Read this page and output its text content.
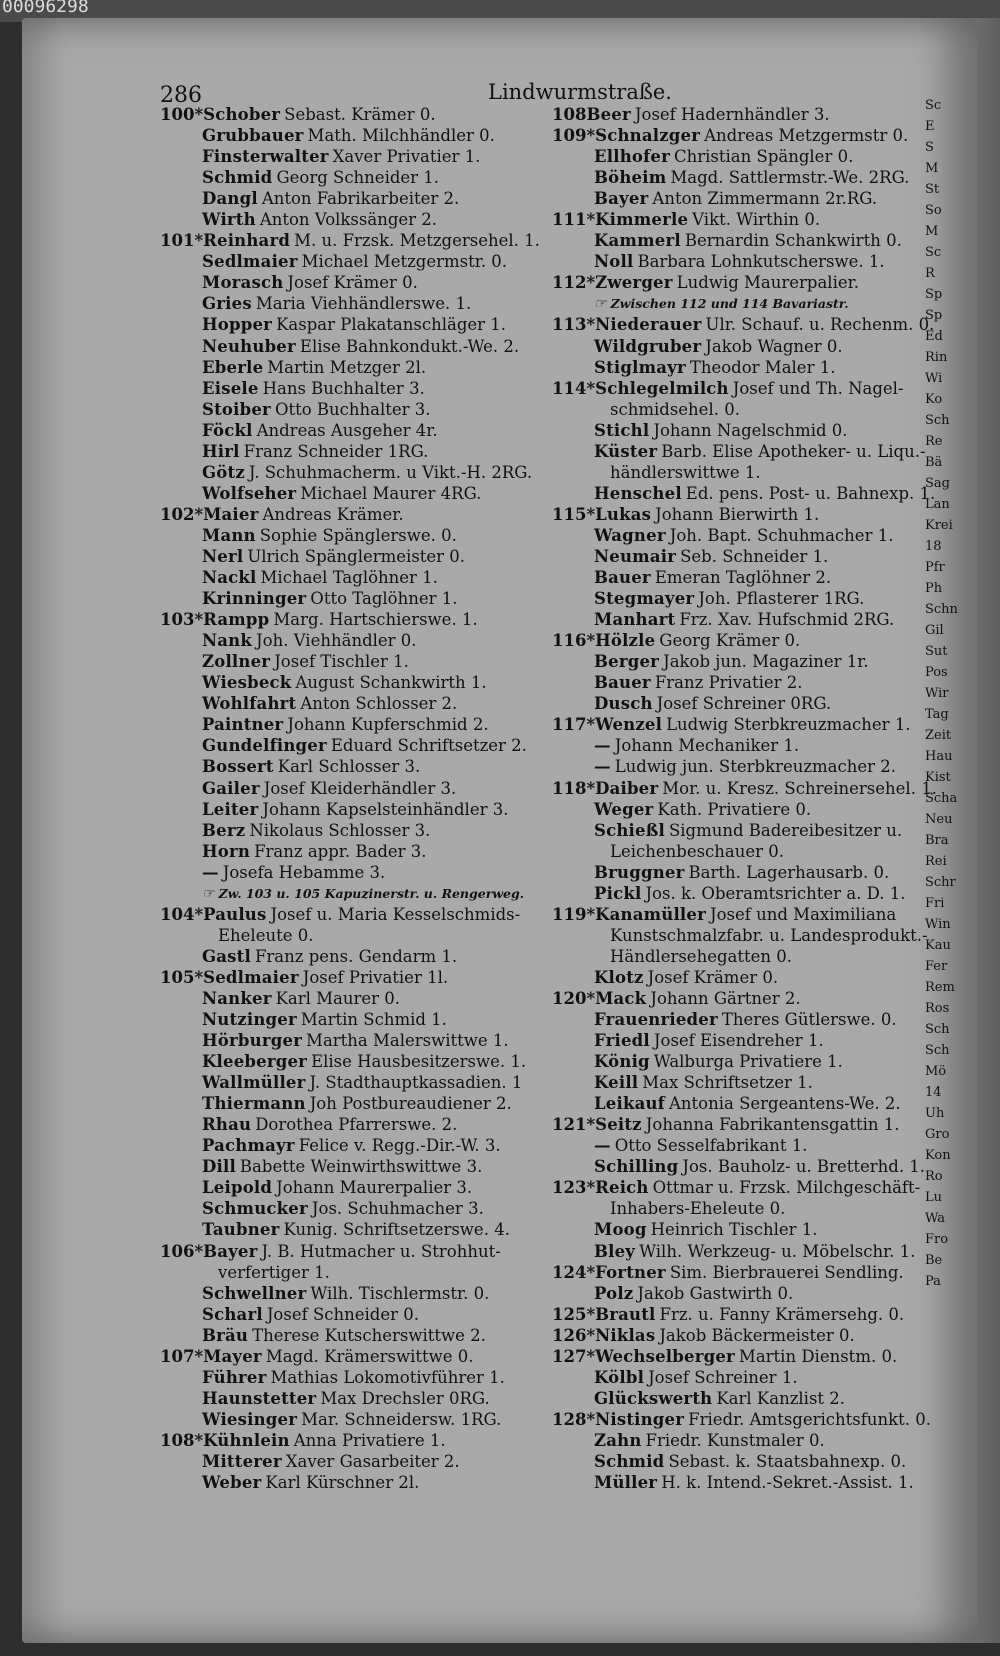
00096298
Sc
E
S
M
St
So
M
Sc
R
Sp
Sp
Ed
Rin
Wi
Ko
Sch
Re
Bä
Sag
Lan
Krei
18
Pfr
Ph
Schn
Gil
Sut
Pos
Wir
Tag
Zeit
Hau
Kist
Scha
Neu
Bra
Rei
Schr
Fri
Win
Kau
Fer
Rem
Ros
Sch
Sch
Mö
14
Uh
Gro
Kon
Ro
Lu
Wa
Fro
Be
Pa
286	Lindwurmstraße.
100*Schober Sebast. Krämer 0.
Grubbauer Math. Milchhändler 0.
Finsterwalter Xaver Privatier 1.
Schmid Georg Schneider 1.
Dangl Anton Fabrikarbeiter 2.
Wirth Anton Volkssänger 2.
101*Reinhard M. u. Frzsk. Metzgersehel. 1.
Sedlmaier Michael Metzgermstr. 0.
Morasch Josef Krämer 0.
Gries Maria Viehhändlerswe. 1.
Hopper Kaspar Plakatanschläger 1.
Neuhuber Elise Bahnkondukt.-We. 2.
Eberle Martin Metzger 2l.
Eisele Hans Buchhalter 3.
Stoiber Otto Buchhalter 3.
Föckl Andreas Ausgeher 4r.
Hirl Franz Schneider 1RG.
Götz J. Schuhmacherm. u Vikt.-H. 2RG.
Wolfseher Michael Maurer 4RG.
102*Maier Andreas Krämer.
Mann Sophie Spänglerswe. 0.
Nerl Ulrich Spänglermeister 0.
Nackl Michael Taglöhner 1.
Krinninger Otto Taglöhner 1.
103*Rampp Marg. Hartschierswe. 1.
Nank Joh. Viehhändler 0.
Zollner Josef Tischler 1.
Wiesbeck August Schankwirth 1.
Wohlfahrt Anton Schlosser 2.
Paintner Johann Kupferschmid 2.
Gundelfinger Eduard Schriftsetzer 2.
Bossert Karl Schlosser 3.
Gailer Josef Kleiderhändler 3.
Leiter Johann Kapselsteinhändler 3.
Berz Nikolaus Schlosser 3.
Horn Franz appr. Bader 3.
— Josefa Hebamme 3.
☞ Zw. 103 u. 105 Kapuzinerstr. u. Rengerweg.
104*Paulus Josef u. Maria Kesselschmids-
Eheleute 0.
Gastl Franz pens. Gendarm 1.
105*Sedlmaier Josef Privatier 1l.
Nanker Karl Maurer 0.
Nutzinger Martin Schmid 1.
Hörburger Martha Malerswittwe 1.
Kleeberger Elise Hausbesitzerswe. 1.
Wallmüller J. Stadthauptkassadien. 1
Thiermann Joh Postbureaudiener 2.
Rhau Dorothea Pfarrerswe. 2.
Pachmayr Felice v. Regg.-Dir.-W. 3.
Dill Babette Weinwirthswittwe 3.
Leipold Johann Maurerpalier 3.
Schmucker Jos. Schuhmacher 3.
Taubner Kunig. Schriftsetzerswe. 4.
106*Bayer J. B. Hutmacher u. Strohhut-
verfertiger 1.
Schwellner Wilh. Tischlermstr. 0.
Scharl Josef Schneider 0.
Bräu Therese Kutscherswittwe 2.
107*Mayer Magd. Krämerswittwe 0.
Führer Mathias Lokomotivführer 1.
Haunstetter Max Drechsler 0RG.
Wiesinger Mar. Schneidersw. 1RG.
108*Kühnlein Anna Privatiere 1.
Mitterer Xaver Gasarbeiter 2.
Weber Karl Kürschner 2l.
108Beer Josef Hadernhändler 3.
109*Schnalzger Andreas Metzgermstr 0.
Ellhofer Christian Spängler 0.
Böheim Magd. Sattlermstr.-We. 2RG.
Bayer Anton Zimmermann 2r.RG.
111*Kimmerle Vikt. Wirthin 0.
Kammerl Bernardin Schankwirth 0.
Noll Barbara Lohnkutscherswe. 1.
112*Zwerger Ludwig Maurerpalier.
☞ Zwischen 112 und 114 Bavariastr.
113*Niederauer Ulr. Schauf. u. Rechenm. 0.
Wildgruber Jakob Wagner 0.
Stiglmayr Theodor Maler 1.
114*Schlegelmilch Josef und Th. Nagel-
schmidsehel. 0.
Stichl Johann Nagelschmid 0.
Küster Barb. Elise Apotheker- u. Liqu.-
händlerswittwe 1.
Henschel Ed. pens. Post- u. Bahnexp. 1.
115*Lukas Johann Bierwirth 1.
Wagner Joh. Bapt. Schuhmacher 1.
Neumair Seb. Schneider 1.
Bauer Emeran Taglöhner 2.
Stegmayer Joh. Pflasterer 1RG.
Manhart Frz. Xav. Hufschmid 2RG.
116*Hölzle Georg Krämer 0.
Berger Jakob jun. Magaziner 1r.
Bauer Franz Privatier 2.
Dusch Josef Schreiner 0RG.
117*Wenzel Ludwig Sterbkreuzmacher 1.
— Johann Mechaniker 1.
— Ludwig jun. Sterbkreuzmacher 2.
118*Daiber Mor. u. Kresz. Schreinersehel. 1.
Weger Kath. Privatiere 0.
Schießl Sigmund Badereibesitzer u.
Leichenbeschauer 0.
Bruggner Barth. Lagerhausarb. 0.
Pickl Jos. k. Oberamtsrichter a. D. 1.
119*Kanamüller Josef und Maximiliana
Kunstschmalzfabr. u. Landesprodukt.-
Händlersehegatten 0.
Klotz Josef Krämer 0.
120*Mack Johann Gärtner 2.
Frauenrieder Theres Gütlerswe. 0.
Friedl Josef Eisendreher 1.
König Walburga Privatiere 1.
Keill Max Schriftsetzer 1.
Leikauf Antonia Sergeantens-We. 2.
121*Seitz Johanna Fabrikantensgattin 1.
— Otto Sesselfabrikant 1.
Schilling Jos. Bauholz- u. Bretterhd. 1.
123*Reich Ottmar u. Frzsk. Milchgeschäft-
Inhabers-Eheleute 0.
Moog Heinrich Tischler 1.
Bley Wilh. Werkzeug- u. Möbelschr. 1.
124*Fortner Sim. Bierbrauerei Sendling.
Polz Jakob Gastwirth 0.
125*Brautl Frz. u. Fanny Krämersehg. 0.
126*Niklas Jakob Bäckermeister 0.
127*Wechselberger Martin Dienstm. 0.
Kölbl Josef Schreiner 1.
Glückswerth Karl Kanzlist 2.
128*Nistinger Friedr. Amtsgerichtsfunkt. 0.
Zahn Friedr. Kunstmaler 0.
Schmid Sebast. k. Staatsbahnexp. 0.
Müller H. k. Intend.-Sekret.-Assist. 1.
